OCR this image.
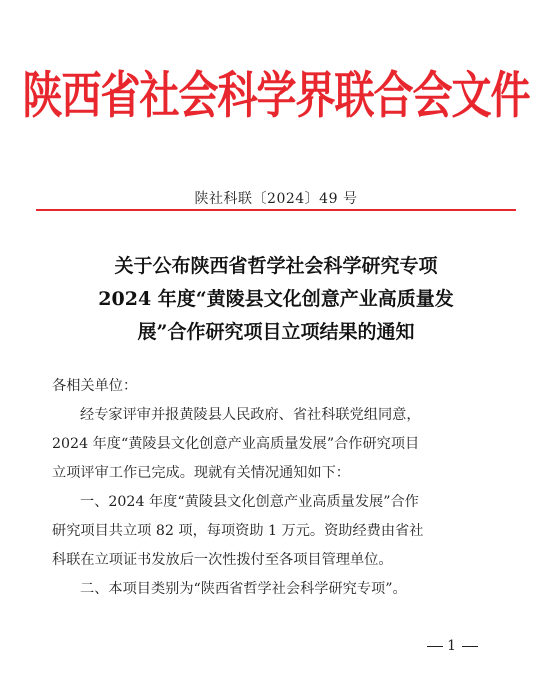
陕西省社会科学界联合会文件
陕社科联〔2024〕49 号
关于公布陕西省哲学社会科学研究专项
2024 年度“黄陵县文化创意产业高质量发
展”合作研究项目立项结果的通知

各相关单位：

经专家评审并报黄陵县人民政府、省社科联党组同意，

2024 年度“黄陵县文化创意产业高质量发展”合作研究项目

立项评审工作已完成。现就有关情况通知如下：

一、2024 年度“黄陵县文化创意产业高质量发展”合作

研究项目共立项 82 项，每项资助 1 万元。资助经费由省社

科联在立项证书发放后一次性拨付至各项目管理单位。

二、本项目类别为“陕西省哲学社会科学研究专项”。

1
